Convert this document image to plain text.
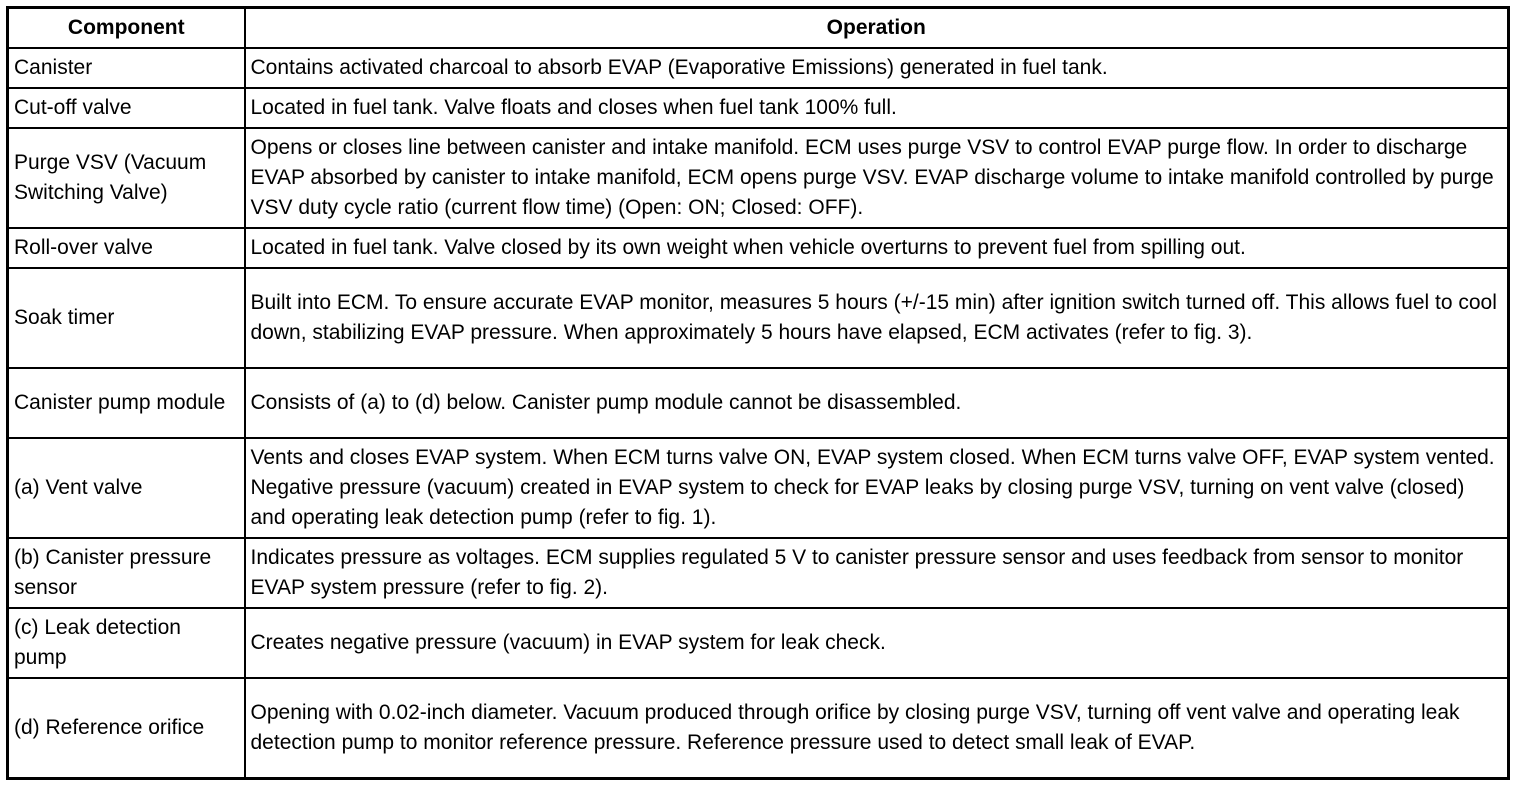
Component	Operation
Canister	Contains activated charcoal to absorb EVAP (Evaporative Emissions) generated in fuel tank.
Cut-off valve	Located in fuel tank. Valve floats and closes when fuel tank 100% full.
Purge VSV (Vacuum Switching Valve)	Opens or closes line between canister and intake manifold. ECM uses purge VSV to control EVAP purge flow. In order to discharge EVAP absorbed by canister to intake manifold, ECM opens purge VSV. EVAP discharge volume to intake manifold controlled by purge VSV duty cycle ratio (current flow time) (Open: ON; Closed: OFF).
Roll-over valve	Located in fuel tank. Valve closed by its own weight when vehicle overturns to prevent fuel from spilling out.
Soak timer	Built into ECM. To ensure accurate EVAP monitor, measures 5 hours (+/-15 min) after ignition switch turned off. This allows fuel to cool down, stabilizing EVAP pressure. When approximately 5 hours have elapsed, ECM activates (refer to fig. 3).
Canister pump module	Consists of (a) to (d) below. Canister pump module cannot be disassembled.
(a) Vent valve	Vents and closes EVAP system. When ECM turns valve ON, EVAP system closed. When ECM turns valve OFF, EVAP system vented. Negative pressure (vacuum) created in EVAP system to check for EVAP leaks by closing purge VSV, turning on vent valve (closed) and operating leak detection pump (refer to fig. 1).
(b) Canister pressure sensor	Indicates pressure as voltages. ECM supplies regulated 5 V to canister pressure sensor and uses feedback from sensor to monitor EVAP system pressure (refer to fig. 2).
(c) Leak detection pump	Creates negative pressure (vacuum) in EVAP system for leak check.
(d) Reference orifice	Opening with 0.02-inch diameter. Vacuum produced through orifice by closing purge VSV, turning off vent valve and operating leak detection pump to monitor reference pressure. Reference pressure used to detect small leak of EVAP.
